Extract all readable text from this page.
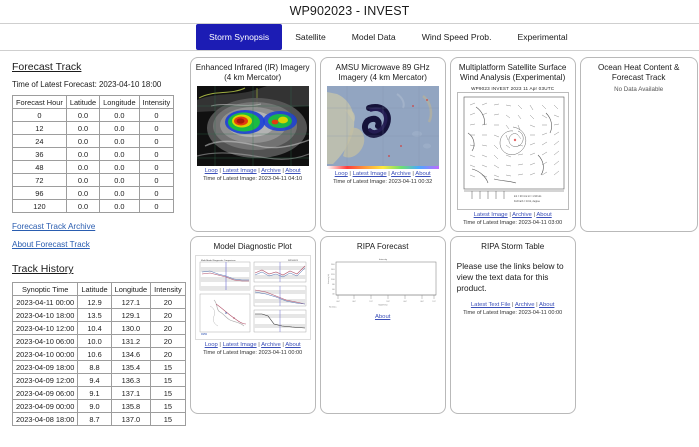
WP902023 - INVEST
Storm Synopsis	Satellite	Model Data	Wind Speed Prob.	Experimental
Forecast Track
Time of Latest Forecast: 2023-04-10 18:00
Forecast Hour	Latitude	Longitude	Intensity
0	0.0	0.0	0
12	0.0	0.0	0
24	0.0	0.0	0
36	0.0	0.0	0
48	0.0	0.0	0
72	0.0	0.0	0
96	0.0	0.0	0
120	0.0	0.0	0
Forecast Track Archive
About Forecast Track
Track History
Synoptic Time	Latitude	Longitude	Intensity
2023-04-11 00:00	12.9	127.1	20
2023-04-10 18:00	13.5	129.1	20
2023-04-10 12:00	10.4	130.0	20
2023-04-10 06:00	10.0	131.2	20
2023-04-10 00:00	10.6	134.6	20
2023-04-09 18:00	8.8	135.4	15
2023-04-09 12:00	9.4	136.3	15
2023-04-09 06:00	9.1	137.1	15
2023-04-09 00:00	9.0	135.8	15
2023-04-08 18:00	8.7	137.0	15
Enhanced Infrared (IR) Imagery (4 km Mercator)
Loop | Latest Image | Archive | About
Time of Latest Image: 2023-04-11 04:10
AMSU Microwave 89 GHz Imagery (4 km Mercator)
Loop | Latest Image | Archive | About
Time of Latest Image: 2023-04-11 00:32
Multiplatform Satellite Surface Wind Analysis (Experimental)
WP9023 INVEST 2023 11 Apr 03UTC
knt = 20 m/s kt = 1.94 kt/s
Full barb = 10 kt, degree
Latest Image | Archive | About
Time of Latest Image: 2023-04-11 03:00
Ocean Heat Content & Forecast Track
No Data Available
Model Diagnostic Plot
Multi-Model Diagnostic Comparison
RMW
WP902023
Loop | Latest Image | Archive | About
Time of Latest Image: 2023-04-11 00:00
RIPA Forecast
Intensity
160
140
120
100
80
60
40
00Z	06Z	12Z	18Z	00Z	06Z	12Z
Valid Time
No Data
Intensity (kt)
About
RIPA Storm Table
Please use the links below to view the text data for this product.
Latest Text File | Archive | About
Time of Latest Image: 2023-04-11 00:00
